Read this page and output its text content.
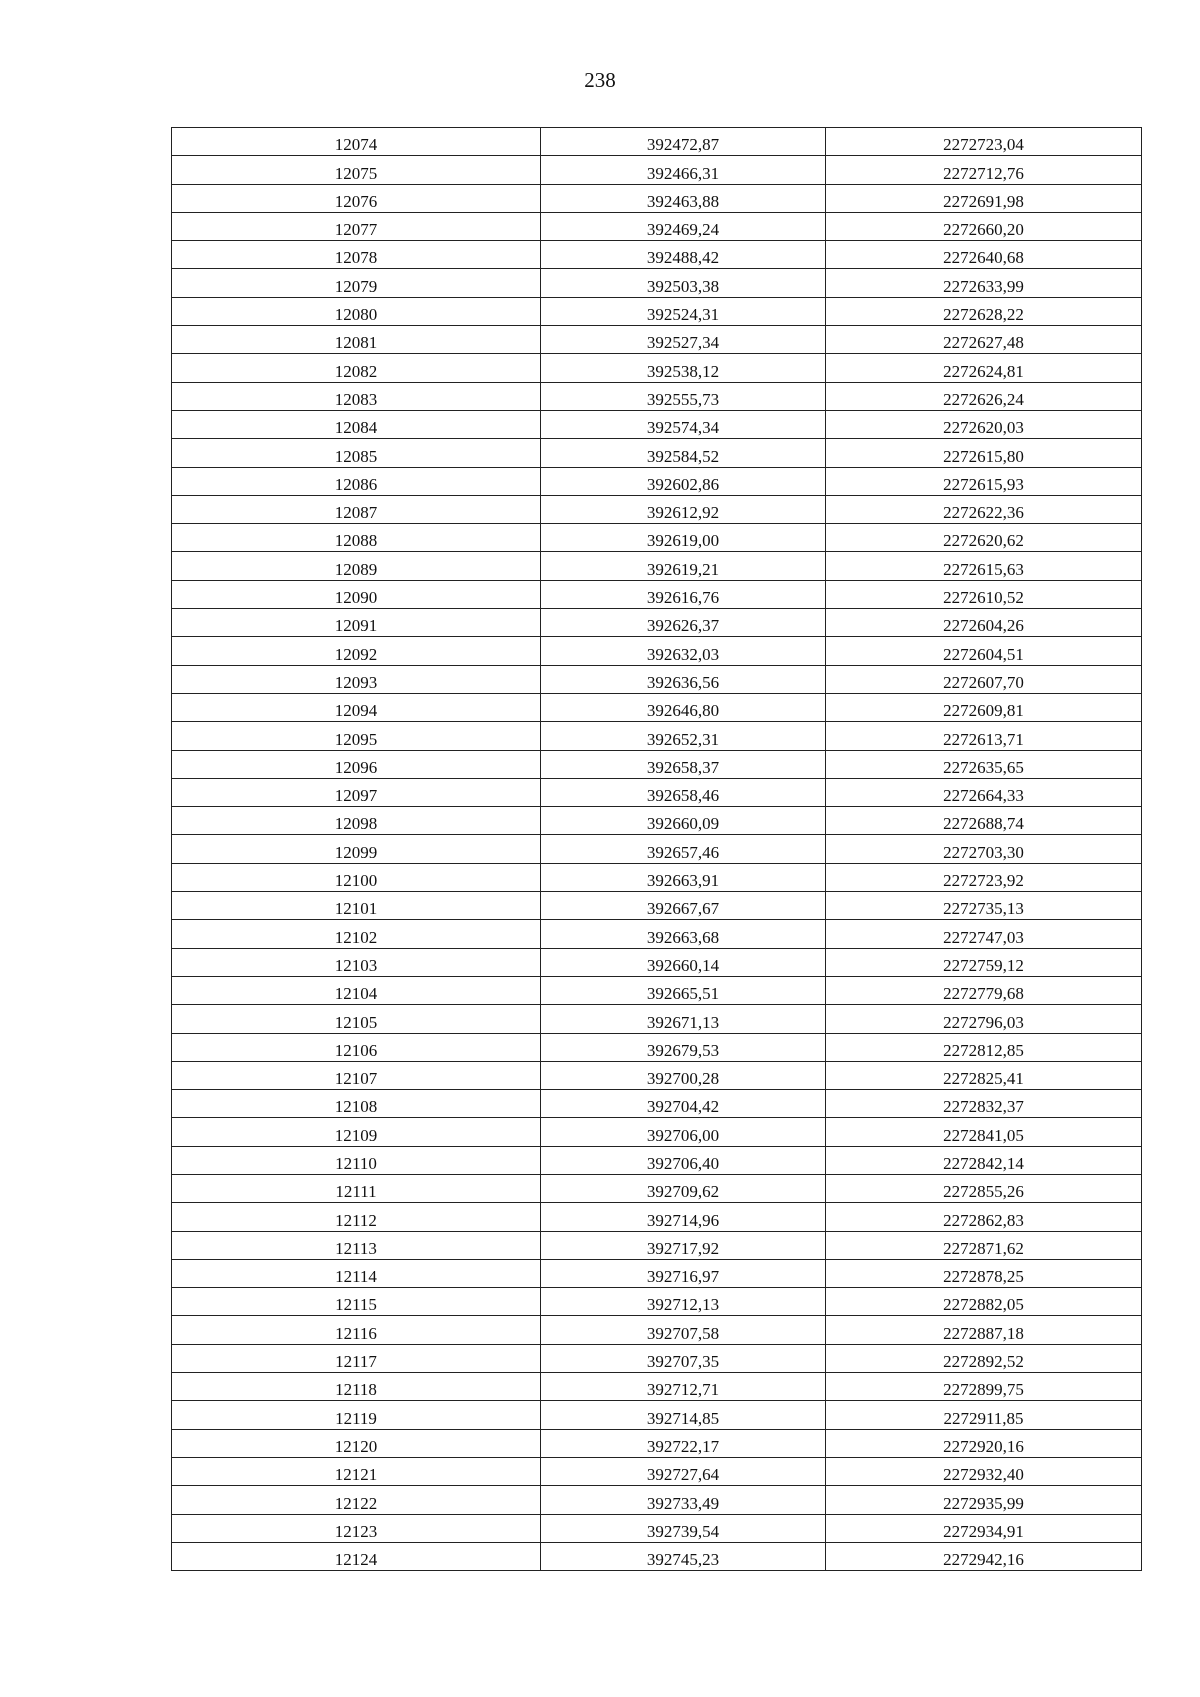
238
12074	392472,87	2272723,04
12075	392466,31	2272712,76
12076	392463,88	2272691,98
12077	392469,24	2272660,20
12078	392488,42	2272640,68
12079	392503,38	2272633,99
12080	392524,31	2272628,22
12081	392527,34	2272627,48
12082	392538,12	2272624,81
12083	392555,73	2272626,24
12084	392574,34	2272620,03
12085	392584,52	2272615,80
12086	392602,86	2272615,93
12087	392612,92	2272622,36
12088	392619,00	2272620,62
12089	392619,21	2272615,63
12090	392616,76	2272610,52
12091	392626,37	2272604,26
12092	392632,03	2272604,51
12093	392636,56	2272607,70
12094	392646,80	2272609,81
12095	392652,31	2272613,71
12096	392658,37	2272635,65
12097	392658,46	2272664,33
12098	392660,09	2272688,74
12099	392657,46	2272703,30
12100	392663,91	2272723,92
12101	392667,67	2272735,13
12102	392663,68	2272747,03
12103	392660,14	2272759,12
12104	392665,51	2272779,68
12105	392671,13	2272796,03
12106	392679,53	2272812,85
12107	392700,28	2272825,41
12108	392704,42	2272832,37
12109	392706,00	2272841,05
12110	392706,40	2272842,14
12111	392709,62	2272855,26
12112	392714,96	2272862,83
12113	392717,92	2272871,62
12114	392716,97	2272878,25
12115	392712,13	2272882,05
12116	392707,58	2272887,18
12117	392707,35	2272892,52
12118	392712,71	2272899,75
12119	392714,85	2272911,85
12120	392722,17	2272920,16
12121	392727,64	2272932,40
12122	392733,49	2272935,99
12123	392739,54	2272934,91
12124	392745,23	2272942,16
